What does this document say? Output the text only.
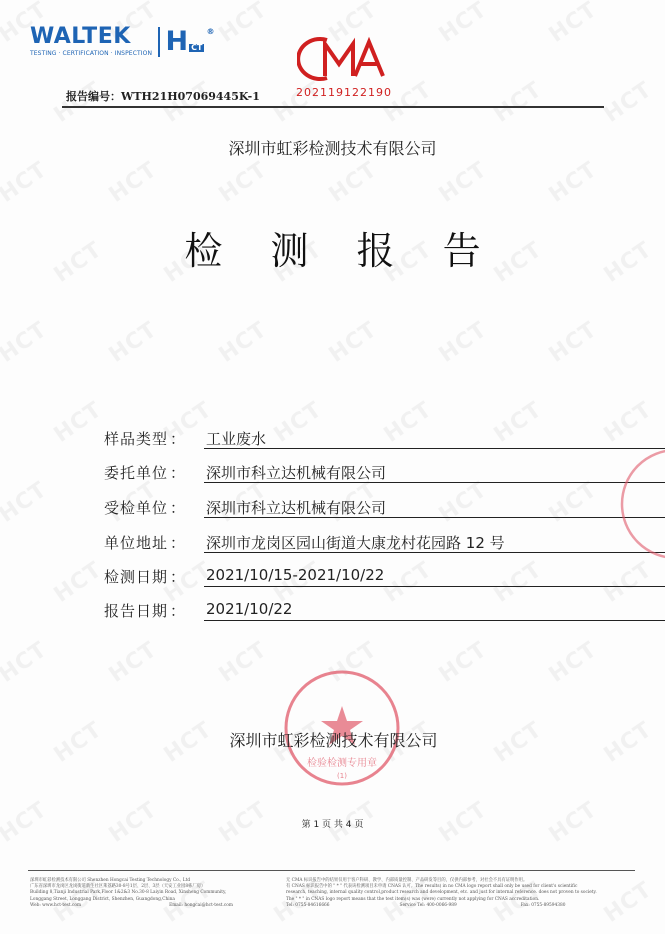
WALTEK
TESTING · CERTIFICATION · INSPECTION H CT
®
202119122190
报告编号：WTH21H07069445K-1
深圳市虹彩检测技术有限公司
检 测 报 告
样品类型 ： 工业废水
委托单位 ： 深圳市科立达机械有限公司
受检单位 ： 深圳市科立达机械有限公司
单位地址 ： 深圳市龙岗区园山街道大康龙村花园路 12 号
检测日期 ： 2021/10/15-2021/10/22
报告日期 ： 2021/10/22
检验检测专用章
(1)
深圳市虹彩检测技术有限公司
第 1 页 共 4 页
深圳市虹彩检测技术有限公司 Shenzhen Hongcai Testing Technology Co., Ltd
广东省深圳市龙岗区龙岗街道新生社区莱荔路30-8号1层、2层、3层（天安工业园8栋厂房）
Building 8,Tianji Industrial Park,Floor 1&2&3 No.30-8 Laiyin Road, Xinsheng Community,
Longgang Street, Longgang District, Shenzhen, Guangdong,China
Web: www.hct-test.com	Email: hongcai@hct-test.com
无 CMA 标识报告中的结果仅用于客户科研、教学、内部质量控制、产品研发等目的，仅供内部参考，对社会不具有证明作用。
有 CNAS 标识报告中的 " * " 代表该检测项目未申请 CNAS 认可。The results) in no CMA logo report shall only be used for client's scientific
research, teaching, internal quality control,product research and development, etc. and just for internal reference. does not proven to society.
The " * " in CNAS logo report means that the test item(s) was (were) currently not applying for CNAS accreditation.
Tel: 0755-84616666	Service Tel: 400-0066-989	Fax: 0755-89594380
